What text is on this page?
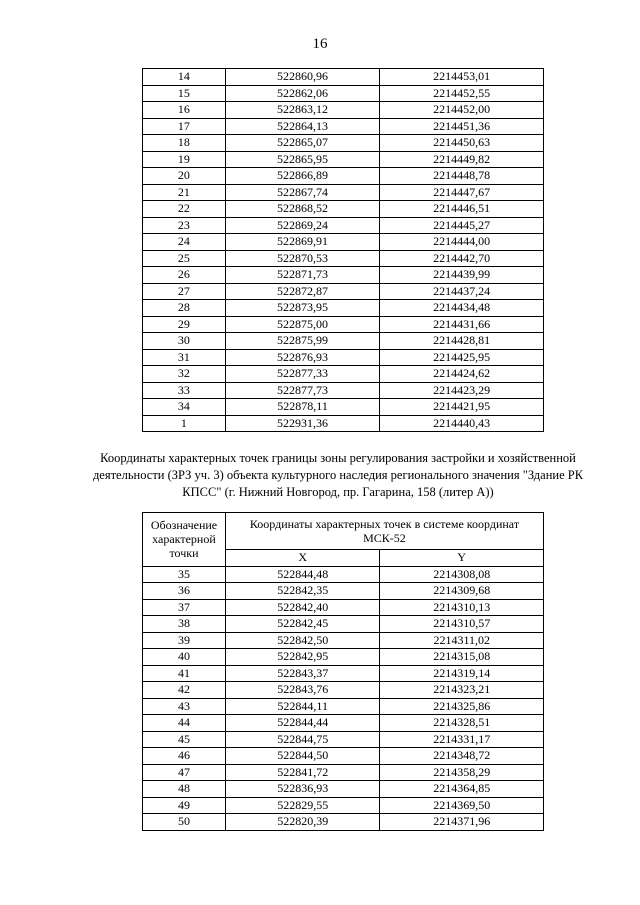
16
14	522860,96	2214453,01
15	522862,06	2214452,55
16	522863,12	2214452,00
17	522864,13	2214451,36
18	522865,07	2214450,63
19	522865,95	2214449,82
20	522866,89	2214448,78
21	522867,74	2214447,67
22	522868,52	2214446,51
23	522869,24	2214445,27
24	522869,91	2214444,00
25	522870,53	2214442,70
26	522871,73	2214439,99
27	522872,87	2214437,24
28	522873,95	2214434,48
29	522875,00	2214431,66
30	522875,99	2214428,81
31	522876,93	2214425,95
32	522877,33	2214424,62
33	522877,73	2214423,29
34	522878,11	2214421,95
1	522931,36	2214440,43

Координаты характерных точек границы зоны регулирования застройки и хозяйственной деятельности (ЗРЗ уч. 3) объекта культурного наследия регионального значения "Здание РК КПСС" (г. Нижний Новгород, пр. Гагарина, 158 (литер А))

Обозначение характерной точки	Координаты характерных точек в системе координат МСК-52	
	X	Y
35	522844,48	2214308,08
36	522842,35	2214309,68
37	522842,40	2214310,13
38	522842,45	2214310,57
39	522842,50	2214311,02
40	522842,95	2214315,08
41	522843,37	2214319,14
42	522843,76	2214323,21
43	522844,11	2214325,86
44	522844,44	2214328,51
45	522844,75	2214331,17
46	522844,50	2214348,72
47	522841,72	2214358,29
48	522836,93	2214364,85
49	522829,55	2214369,50
50	522820,39	2214371,96
